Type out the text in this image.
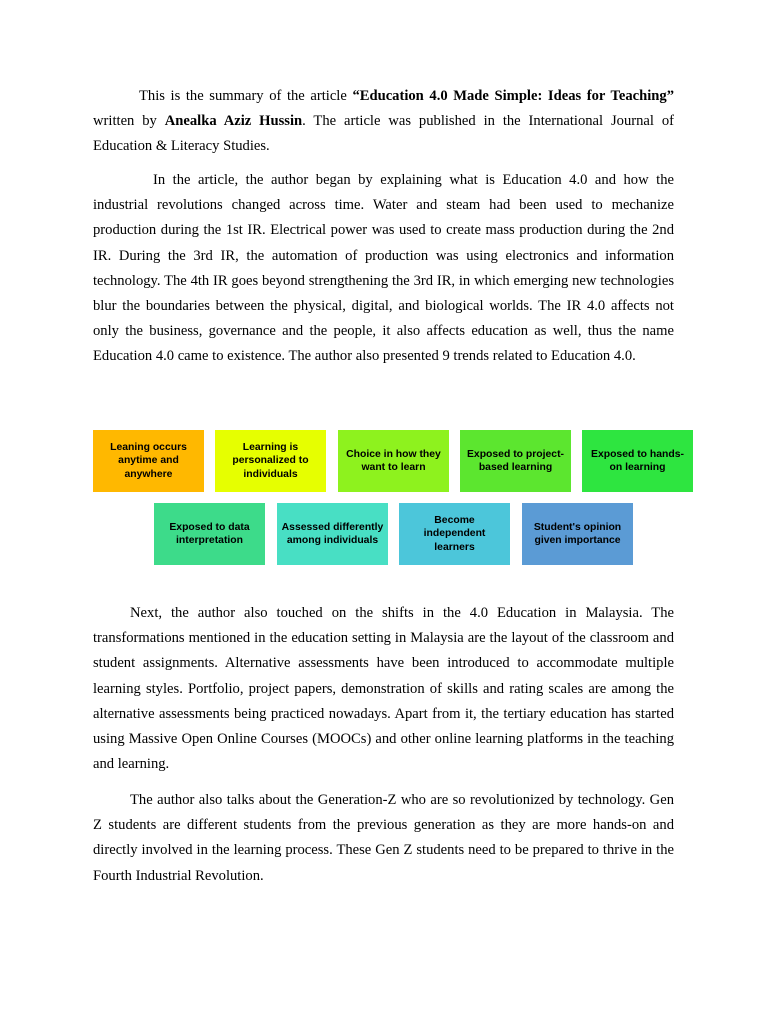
This is the summary of the article “Education 4.0 Made Simple: Ideas for Teaching” written by Anealka Aziz Hussin. The article was published in the International Journal of Education & Literacy Studies.

In the article, the author began by explaining what is Education 4.0 and how the industrial revolutions changed across time. Water and steam had been used to mechanize production during the 1st IR. Electrical power was used to create mass production during the 2nd IR. During the 3rd IR, the automation of production was using electronics and information technology. The 4th IR goes beyond strengthening the 3rd IR, in which emerging new technologies blur the boundaries between the physical, digital, and biological worlds. The IR 4.0 affects not only the business, governance and the people, it also affects education as well, thus the name Education 4.0 came to existence. The author also presented 9 trends related to Education 4.0.

Leaning occurs anytime and anywhere
Learning is personalized to individuals
Choice in how they want to learn
Exposed to project-based learning
Exposed to hands-on learning
Exposed to data interpretation
Assessed differently among individuals
Become independent learners
Student's opinion given importance

Next, the author also touched on the shifts in the 4.0 Education in Malaysia. The transformations mentioned in the education setting in Malaysia are the layout of the classroom and student assignments. Alternative assessments have been introduced to accommodate multiple learning styles. Portfolio, project papers, demonstration of skills and rating scales are among the alternative assessments being practiced nowadays. Apart from it, the tertiary education has started using Massive Open Online Courses (MOOCs) and other online learning platforms in the teaching and learning.

The author also talks about the Generation-Z who are so revolutionized by technology. Gen Z students are different students from the previous generation as they are more hands-on and directly involved in the learning process. These Gen Z students need to be prepared to thrive in the Fourth Industrial Revolution.
